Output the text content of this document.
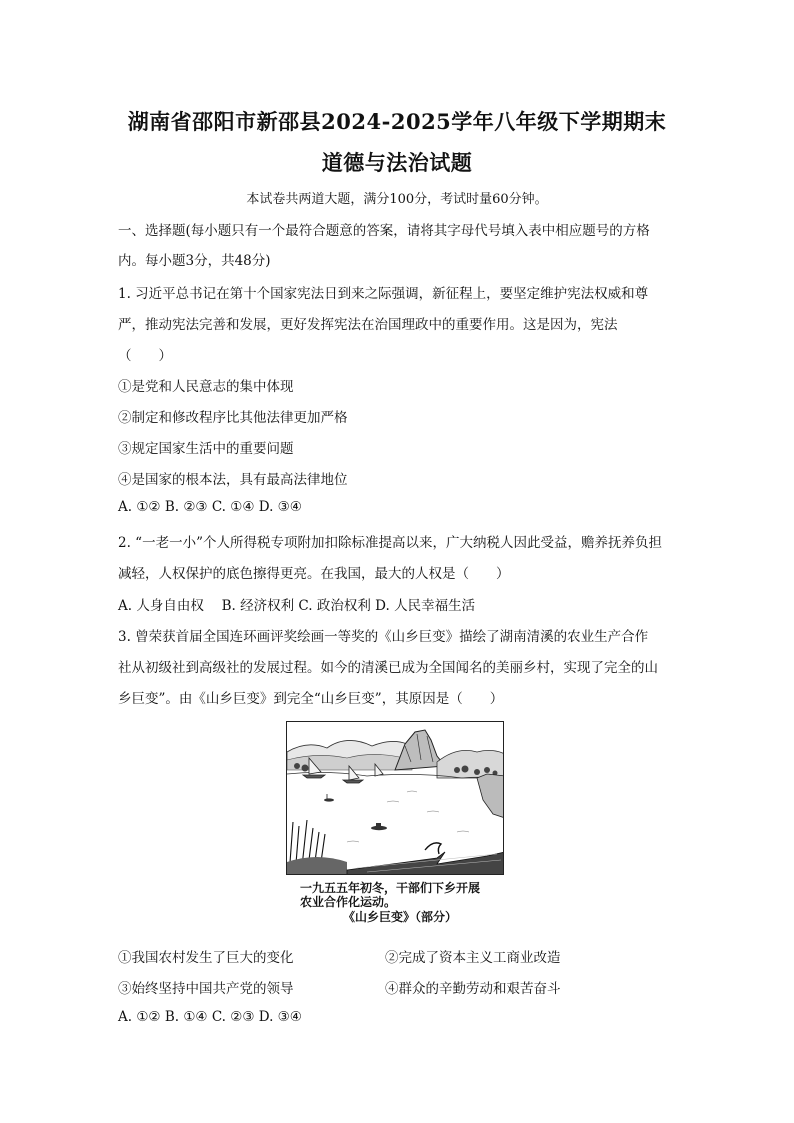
湖南省邵阳市新邵县2024-2025学年八年级下学期期末
道德与法治试题
本试卷共两道大题，满分100分，考试时量60分钟。
一、选择题(每小题只有一个最符合题意的答案，请将其字母代号填入表中相应题号的方格
内。每小题3分，共48分)
1. 习近平总书记在第十个国家宪法日到来之际强调，新征程上，要坚定维护宪法权威和尊
严，推动宪法完善和发展，更好发挥宪法在治国理政中的重要作用。这是因为，宪法
（　　）
①是党和人民意志的集中体现
②制定和修改程序比其他法律更加严格
③规定国家生活中的重要问题
④是国家的根本法，具有最高法律地位
A. ①② B. ②③ C. ①④ D. ③④
2. “一老一小”个人所得税专项附加扣除标准提高以来，广大纳税人因此受益，赡养抚养负担
减轻，人权保护的底色擦得更亮。在我国，最大的人权是（　　）
A. 人身自由权　 B. 经济权利 C. 政治权利 D. 人民幸福生活
3. 曾荣获首届全国连环画评奖绘画一等奖的《山乡巨变》描绘了湖南清溪的农业生产合作
社从初级社到高级社的发展过程。如今的清溪已成为全国闻名的美丽乡村，实现了完全的山
乡巨变”。由《山乡巨变》到完全“山乡巨变”，其原因是（　　）
一九五五年初冬，干部们下乡开展
农业合作化运动。
《山乡巨变》（部分）
①我国农村发生了巨大的变化	②完成了资本主义工商业改造
③始终坚持中国共产党的领导	④群众的辛勤劳动和艰苦奋斗
A. ①② B. ①④ C. ②③ D. ③④
